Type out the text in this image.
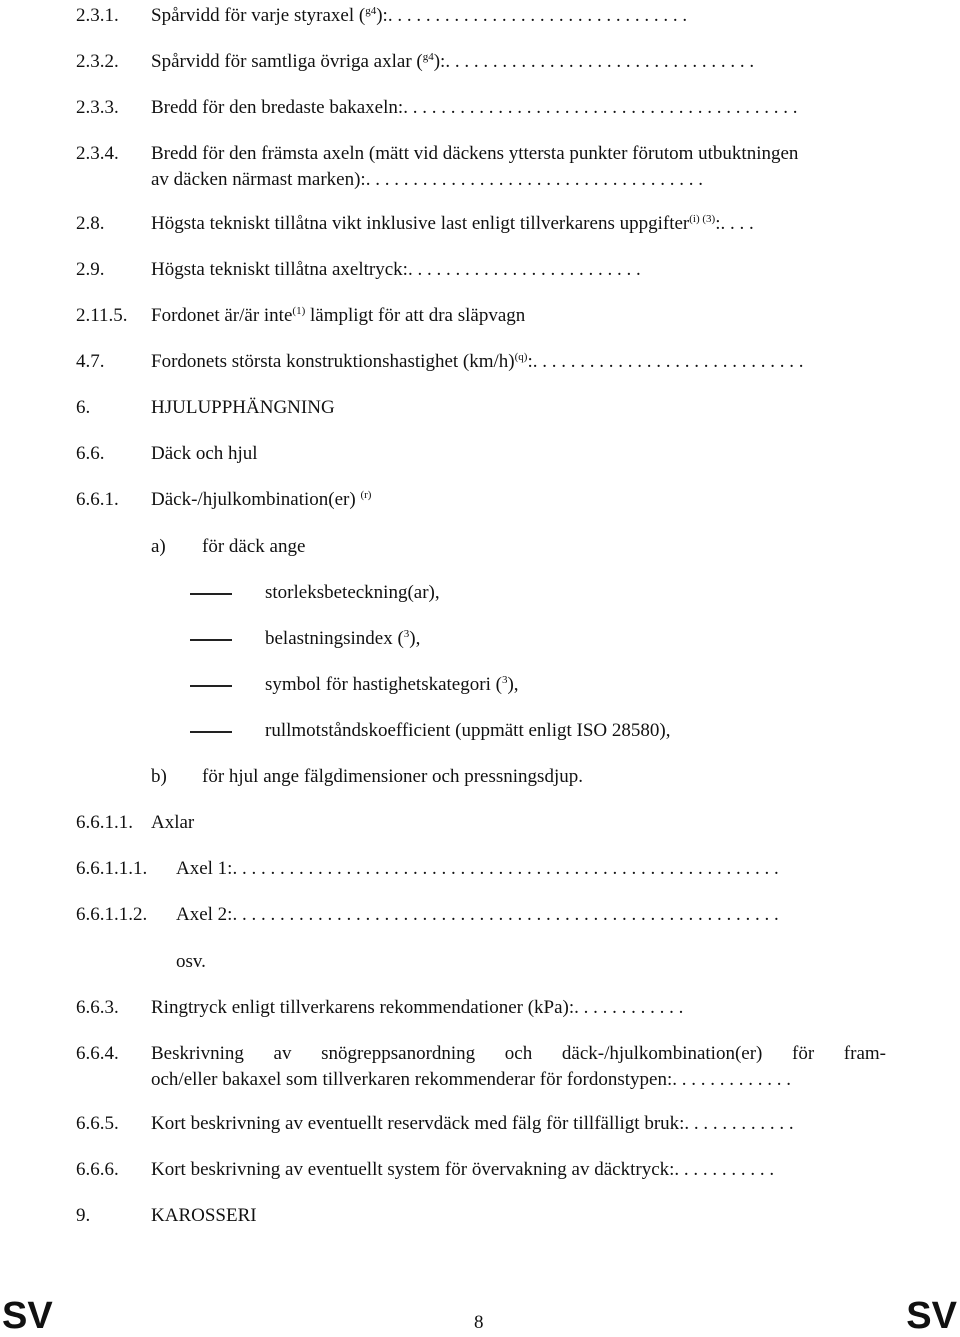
2.3.1. Spårvidd för varje styraxel ($^{g4}$):. . . . . . . . . . . . . . . . . . . . . . . . . . . . . . . .
2.3.2. Spårvidd för samtliga övriga axlar ($^{g4}$):. . . . . . . . . . . . . . . . . . . . . . . . . . . . . . . . .
2.3.3. Bredd för den bredaste bakaxeln:. . . . . . . . . . . . . . . . . . . . . . . . . . . . . . . . . . . . . . . . . .
2.3.4. Bredd för den främsta axeln (mätt vid däckens yttersta punkter förutom utbuktningen
av däcken närmast marken):. . . . . . . . . . . . . . . . . . . . . . . . . . . . . . . . . . . .
2.8. Högsta tekniskt tillåtna vikt inklusive last enligt tillverkarens uppgifter$^{(i) (3)}$:. . . .
2.9. Högsta tekniskt tillåtna axeltryck:. . . . . . . . . . . . . . . . . . . . . . . . .
2.11.5. Fordonet är/är inte$^{(1)}$ lämpligt för att dra släpvagn
4.7. Fordonets största konstruktionshastighet $(km/h)^{(q)}$:. . . . . . . . . . . . . . . . . . . . . . . . . . . . .
6.	HJULUPPHÄNGNING
6.6. Däck och hjul
6.6.1. Däck-/hjulkombination(er) $^{(r)}$
a) för däck ange
storleksbeteckning(ar),
belastningsindex ($^3$),
symbol för hastighetskategori ($^3$),
rullmotståndskoefficient (uppmätt enligt ISO 28580),
b) för hjul ange fälgdimensioner och pressningsdjup.
6.6.1.1. Axlar
6.6.1.1.1. Axel 1:. . . . . . . . . . . . . . . . . . . . . . . . . . . . . . . . . . . . . . . . . . . . . . . . . . . . . . . . . .
6.6.1.1.2. Axel 2:. . . . . . . . . . . . . . . . . . . . . . . . . . . . . . . . . . . . . . . . . . . . . . . . . . . . . . . . . .
osv.
6.6.3. Ringtryck enligt tillverkarens rekommendationer (kPa):. . . . . . . . . . . .
6.6.4. Beskrivning av snögreppsanordning och däck-/hjulkombination(er) för fram-
och/eller bakaxel som tillverkaren rekommenderar för fordonstypen:. . . . . . . . . . . . .
6.6.5. Kort beskrivning av eventuellt reservdäck med fälg för tillfälligt bruk:. . . . . . . . . . . .
6.6.6. Kort beskrivning av eventuellt system för övervakning av däcktryck:. . . . . . . . . . .
9.	KAROSSERI
SV	8	SV
